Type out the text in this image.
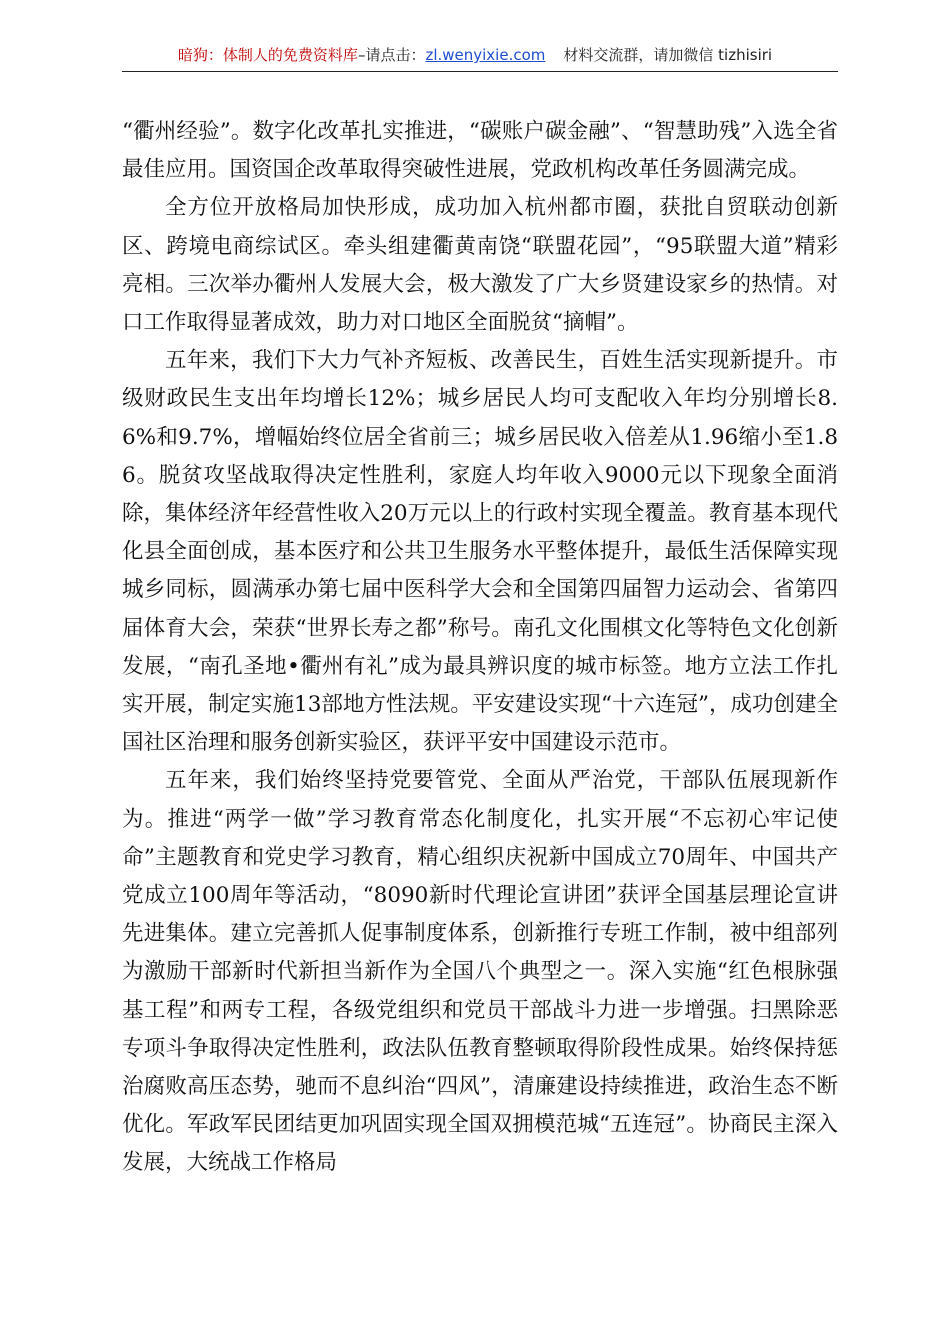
暗狗：体制人的免费资料库–请点击：zl.wenyixie.com 材料交流群，请加微信 tizhisiri

“衢州经验”。数字化改革扎实推进，“碳账户碳金融”、“智慧助残”入选全省最佳应用。国资国企改革取得突破性进展，党政机构改革任务圆满完成。

全方位开放格局加快形成，成功加入杭州都市圈，获批自贸联动创新区、跨境电商综试区。牵头组建衢黄南饶“联盟花园”，“95联盟大道”精彩亮相。三次举办衢州人发展大会，极大激发了广大乡贤建设家乡的热情。对口工作取得显著成效，助力对口地区全面脱贫“摘帽”。

五年来，我们下大力气补齐短板、改善民生，百姓生活实现新提升。市级财政民生支出年均增长12%；城乡居民人均可支配收入年均分别增长8.6%和9.7%，增幅始终位居全省前三；城乡居民收入倍差从1.96缩小至1.86。脱贫攻坚战取得决定性胜利，家庭人均年收入9000元以下现象全面消除，集体经济年经营性收入20万元以上的行政村实现全覆盖。教育基本现代化县全面创成，基本医疗和公共卫生服务水平整体提升，最低生活保障实现城乡同标，圆满承办第七届中医科学大会和全国第四届智力运动会、省第四届体育大会，荣获“世界长寿之都”称号。南孔文化围棋文化等特色文化创新发展，“南孔圣地•衢州有礼”成为最具辨识度的城市标签。地方立法工作扎实开展，制定实施13部地方性法规。平安建设实现“十六连冠”，成功创建全国社区治理和服务创新实验区，获评平安中国建设示范市。

五年来，我们始终坚持党要管党、全面从严治党，干部队伍展现新作为。推进“两学一做”学习教育常态化制度化，扎实开展“不忘初心牢记使命”主题教育和党史学习教育，精心组织庆祝新中国成立70周年、中国共产党成立100周年等活动，“8090新时代理论宣讲团”获评全国基层理论宣讲先进集体。建立完善抓人促事制度体系，创新推行专班工作制，被中组部列为激励干部新时代新担当新作为全国八个典型之一。深入实施“红色根脉强基工程”和两专工程，各级党组织和党员干部战斗力进一步增强。扫黑除恶专项斗争取得决定性胜利，政法队伍教育整顿取得阶段性成果。始终保持惩治腐败高压态势，驰而不息纠治“四风”，清廉建设持续推进，政治生态不断优化。军政军民团结更加巩固实现全国双拥模范城“五连冠”。协商民主深入发展，大统战工作格局
